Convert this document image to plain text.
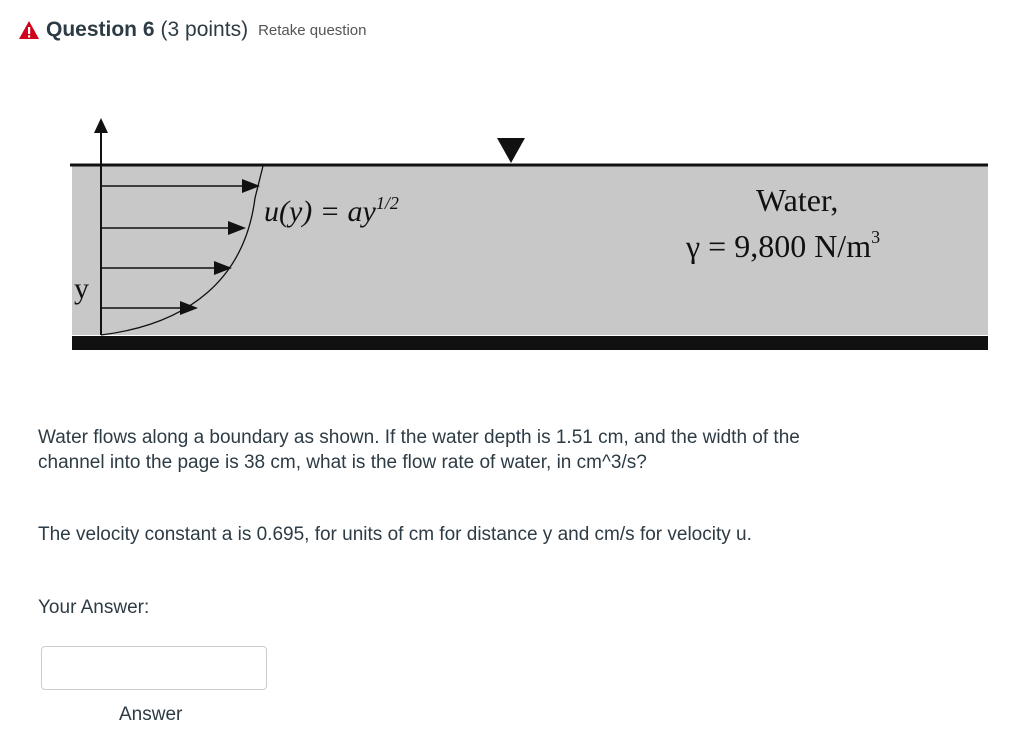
Question 6 (3 points) Retake question
y
$u(y) = ay^{1/2}$	Water,
γ = 9,800 $N/m^3$
Water flows along a boundary as shown. If the water depth is 1.51 cm, and the width of the channel into the page is 38 cm, what is the flow rate of water, in cm^3/s?
The velocity constant a is 0.695, for units of cm for distance y and cm/s for velocity u.
Your Answer:
Answer
